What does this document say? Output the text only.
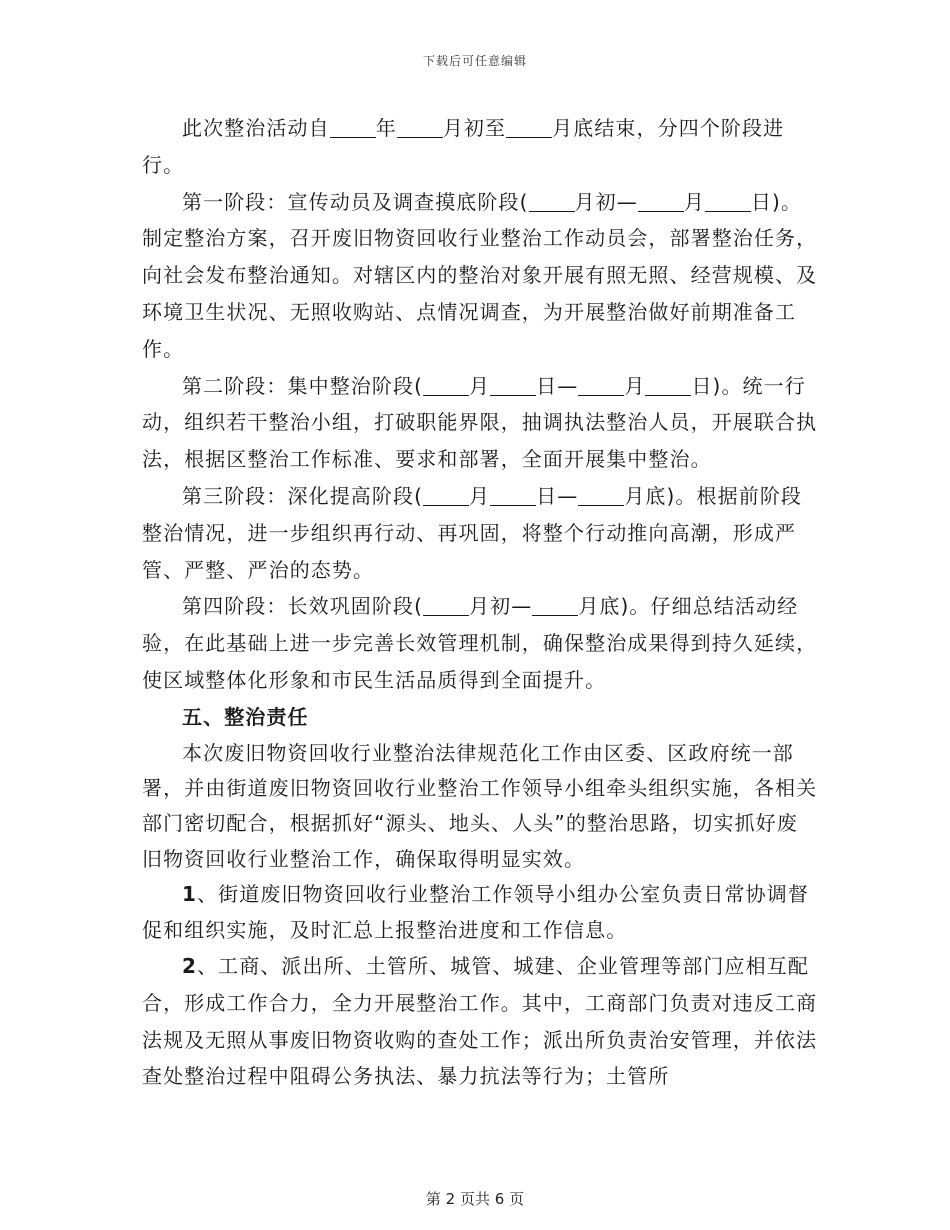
下载后可任意编辑

此次整治活动自 年 月初至 月底结束，分四个阶段进行。

第一阶段：宣传动员及调查摸底阶段( 月初— 月 日)。制定整治方案，召开废旧物资回收行业整治工作动员会，部署整治任务，向社会发布整治通知。对辖区内的整治对象开展有照无照、经营规模、及环境卫生状况、无照收购站、点情况调查，为开展整治做好前期准备工作。

第二阶段：集中整治阶段( 月 日— 月 日)。统一行动，组织若干整治小组，打破职能界限，抽调执法整治人员，开展联合执法，根据区整治工作标准、要求和部署，全面开展集中整治。

第三阶段：深化提高阶段( 月 日— 月底)。根据前阶段整治情况，进一步组织再行动、再巩固，将整个行动推向高潮，形成严管、严整、严治的态势。

第四阶段：长效巩固阶段( 月初— 月底)。仔细总结活动经验，在此基础上进一步完善长效管理机制，确保整治成果得到持久延续，使区域整体化形象和市民生活品质得到全面提升。

五、整治责任

本次废旧物资回收行业整治法律规范化工作由区委、区政府统一部署，并由街道废旧物资回收行业整治工作领导小组牵头组织实施，各相关部门密切配合，根据抓好“源头、地头、人头”的整治思路，切实抓好废旧物资回收行业整治工作，确保取得明显实效。

1、街道废旧物资回收行业整治工作领导小组办公室负责日常协调督促和组织实施，及时汇总上报整治进度和工作信息。

2、工商、派出所、土管所、城管、城建、企业管理等部门应相互配合，形成工作合力，全力开展整治工作。其中，工商部门负责对违反工商法规及无照从事废旧物资收购的查处工作；派出所负责治安管理，并依法查处整治过程中阻碍公务执法、暴力抗法等行为；土管所

第 2 页共 6 页
